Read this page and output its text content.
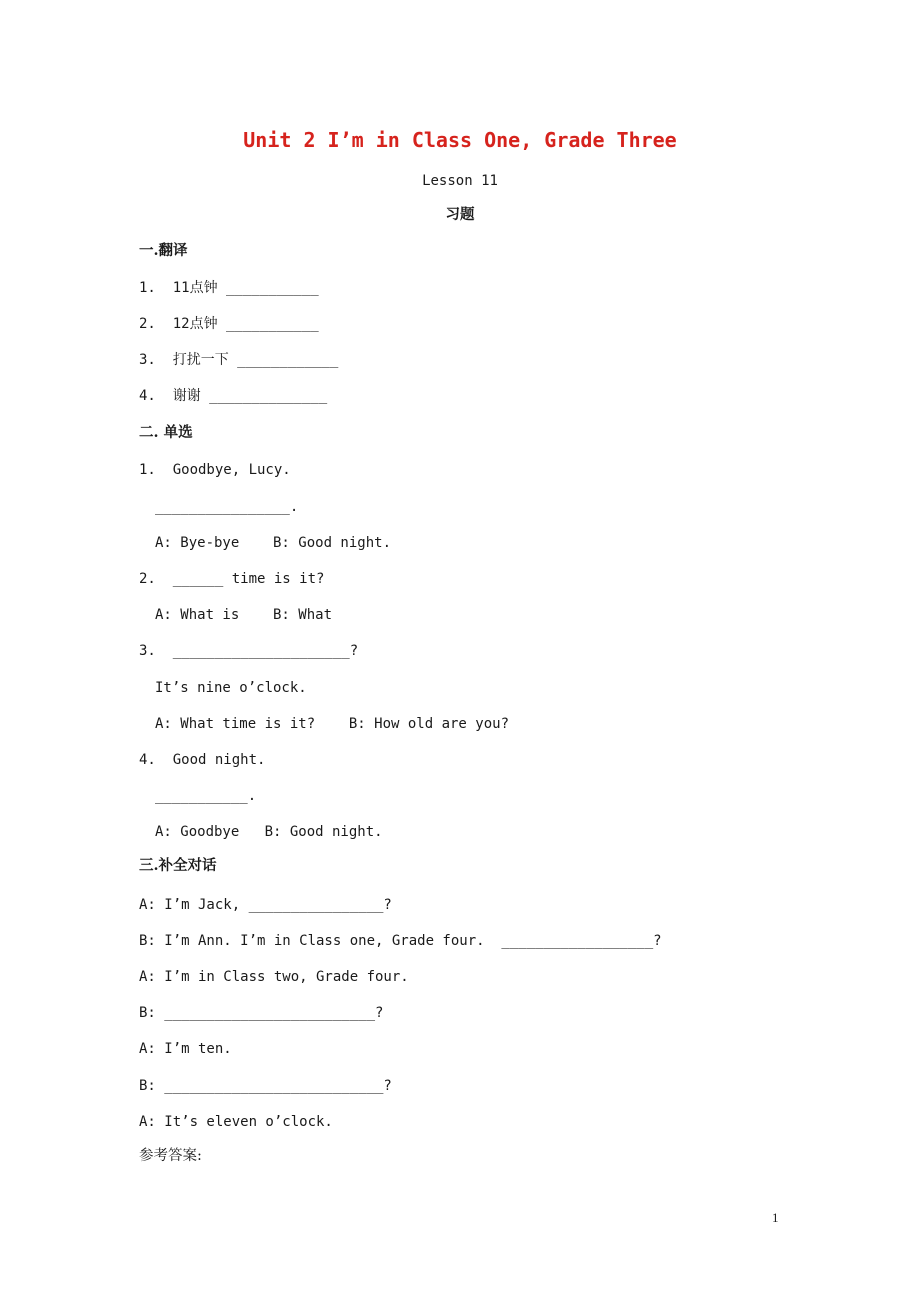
Unit 2 I’m in Class One, Grade Three
Lesson 11
习题
一.翻译
1.  11点钟 ___________
2.  12点钟 ___________
3.  打扰一下 ____________
4.  谢谢 ______________
二. 单选
1.  Goodbye, Lucy.
________________.
A: Bye-bye    B: Good night.
2.  ______ time is it?
A: What is    B: What
3.  _____________________?
It’s nine o’clock.
A: What time is it?    B: How old are you?
4.  Good night.
___________.
A: Goodbye   B: Good night.
三.补全对话
A: I’m Jack, ________________?
B: I’m Ann. I’m in Class one, Grade four.  __________________?
A: I’m in Class two, Grade four.
B: _________________________?
A: I’m ten.
B: __________________________?
A: It’s eleven o’clock.
参考答案:
1
